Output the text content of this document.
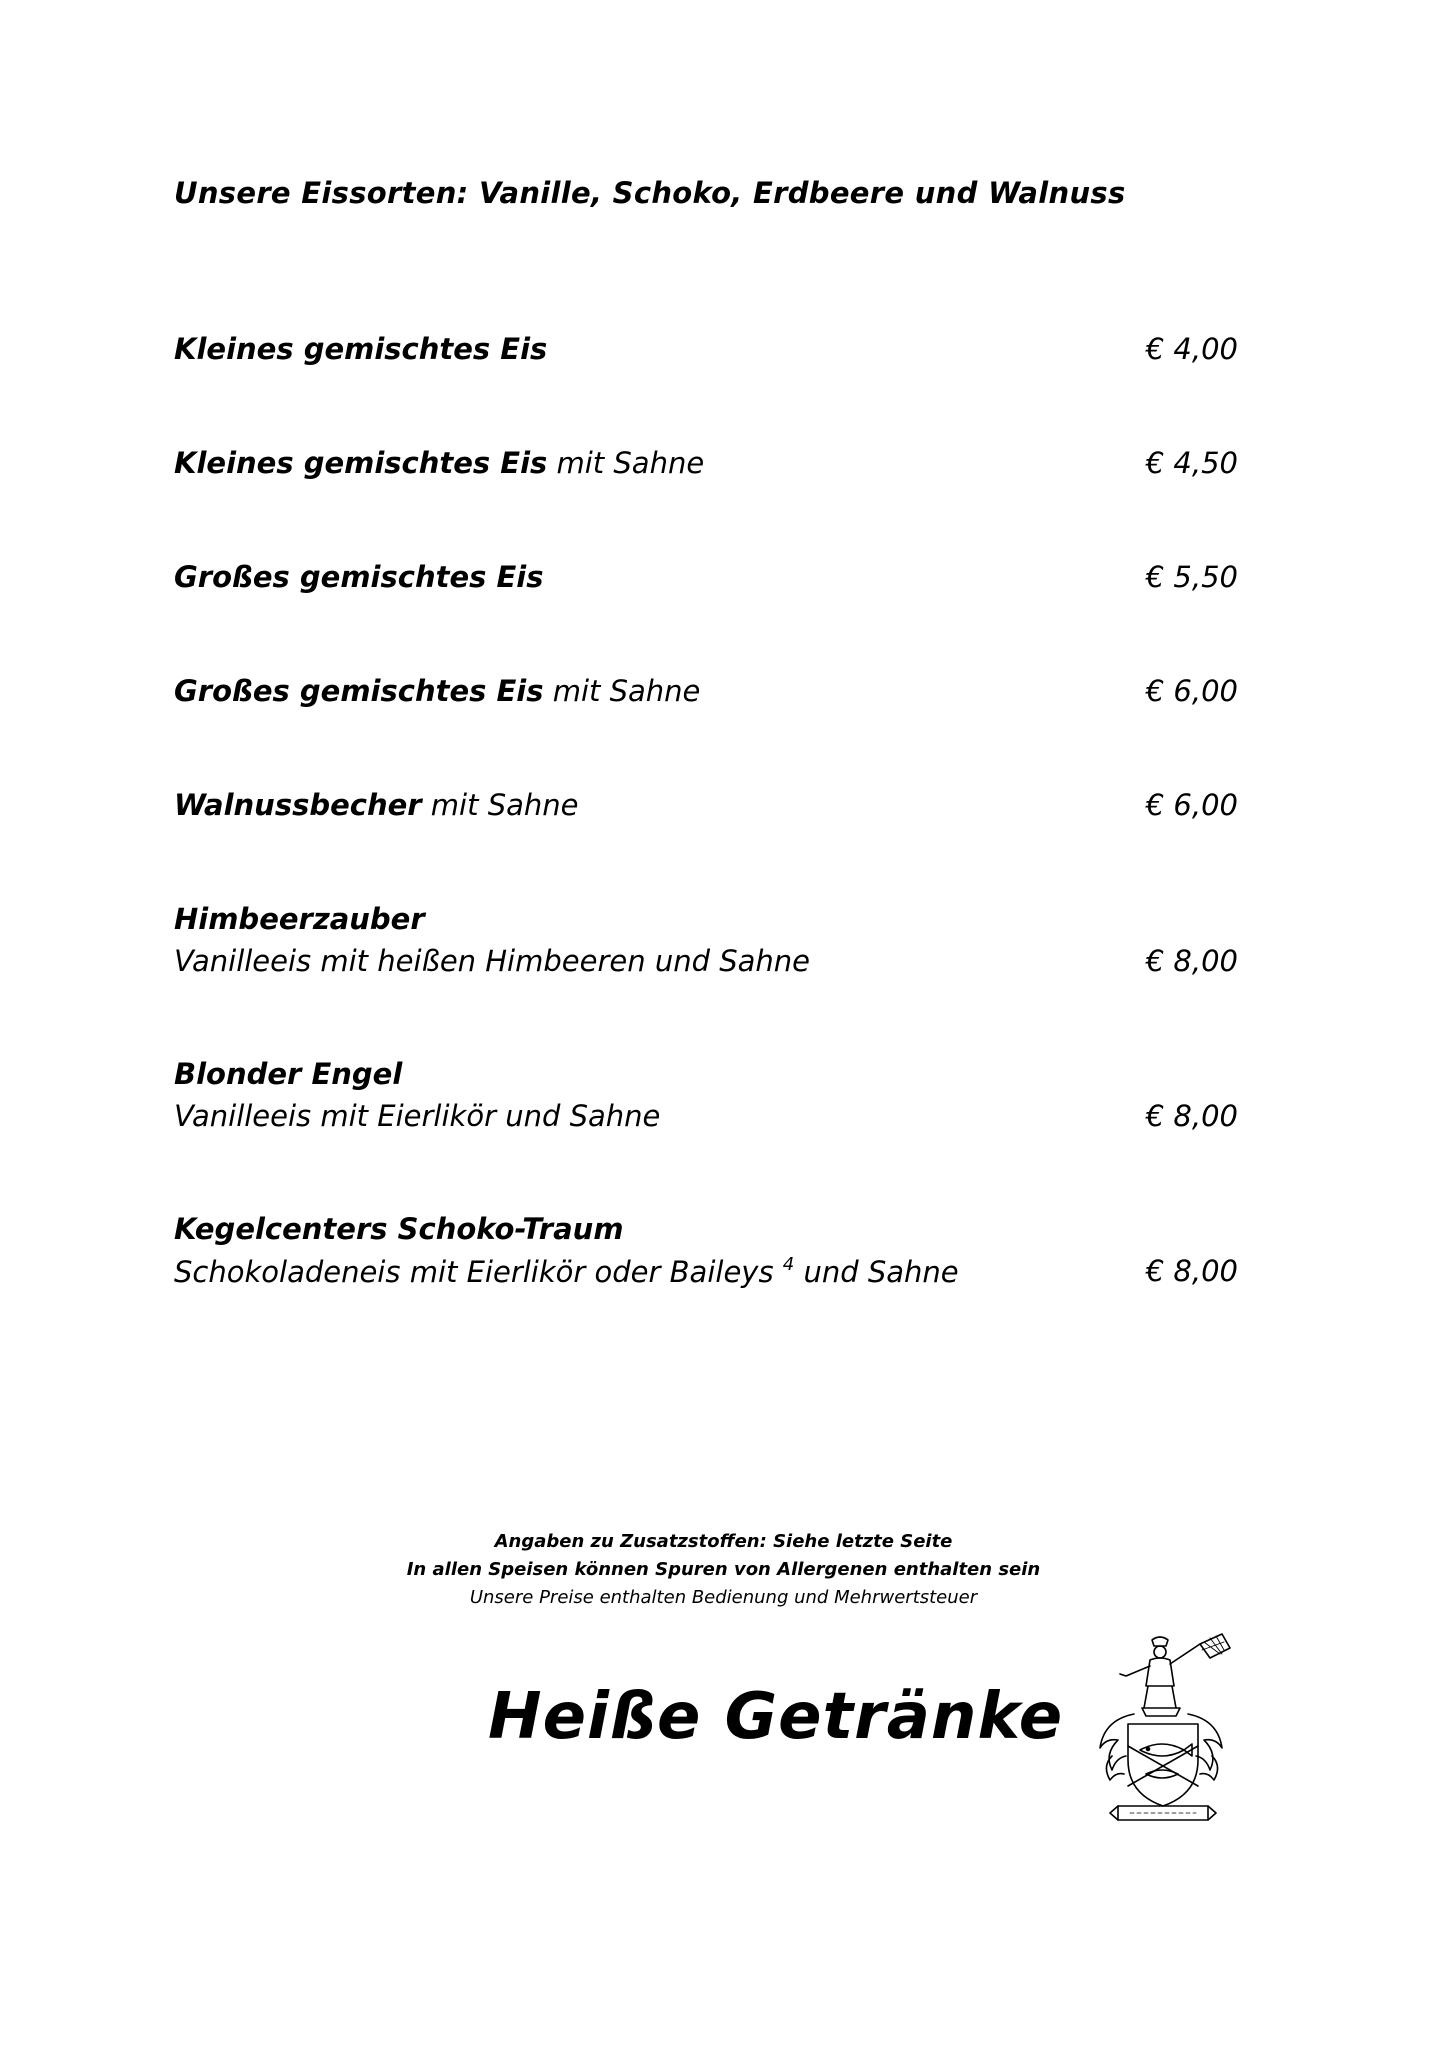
Unsere Eissorten: Vanille, Schoko, Erdbeere und Walnuss
Kleines gemischtes Eis	€ 4,00
Kleines gemischtes Eis mit Sahne	€ 4,50
Großes gemischtes Eis	€ 5,50
Großes gemischtes Eis mit Sahne	€ 6,00
Walnussbecher mit Sahne	€ 6,00
Himbeerzauber
Vanilleeis mit heißen Himbeeren und Sahne	€ 8,00
Blonder Engel
Vanilleeis mit Eierlikör und Sahne	€ 8,00
Kegelcenters Schoko-Traum
Schokoladeneis mit Eierlikör oder Baileys $^4$ und Sahne	€ 8,00
Angaben zu Zusatzstoffen: Siehe letzte Seite
In allen Speisen können Spuren von Allergenen enthalten sein
Unsere Preise enthalten Bedienung und Mehrwertsteuer
Heiße Getränke
